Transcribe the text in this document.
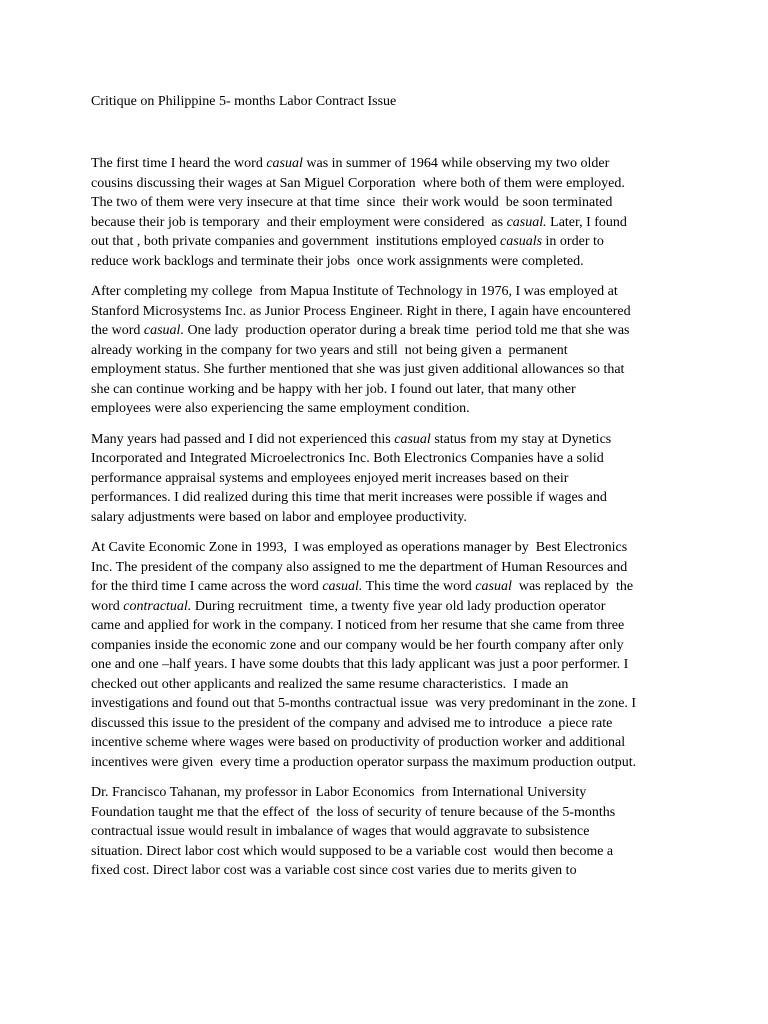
Critique on Philippine 5- months Labor Contract Issue

The first time I heard the word casual was in summer of 1964 while observing my two older
cousins discussing their wages at San Miguel Corporation  where both of them were employed.
The two of them were very insecure at that time  since  their work would  be soon terminated
because their job is temporary  and their employment were considered  as casual. Later, I found
out that , both private companies and government  institutions employed casuals in order to
reduce work backlogs and terminate their jobs  once work assignments were completed.

After completing my college  from Mapua Institute of Technology in 1976, I was employed at
Stanford Microsystems Inc. as Junior Process Engineer. Right in there, I again have encountered
the word casual. One lady  production operator during a break time  period told me that she was
already working in the company for two years and still  not being given a  permanent
employment status. She further mentioned that she was just given additional allowances so that
she can continue working and be happy with her job. I found out later, that many other
employees were also experiencing the same employment condition.

Many years had passed and I did not experienced this casual status from my stay at Dynetics
Incorporated and Integrated Microelectronics Inc. Both Electronics Companies have a solid
performance appraisal systems and employees enjoyed merit increases based on their
performances. I did realized during this time that merit increases were possible if wages and
salary adjustments were based on labor and employee productivity.

At Cavite Economic Zone in 1993,  I was employed as operations manager by  Best Electronics
Inc. The president of the company also assigned to me the department of Human Resources and
for the third time I came across the word casual. This time the word casual  was replaced by  the
word contractual. During recruitment  time, a twenty five year old lady production operator
came and applied for work in the company. I noticed from her resume that she came from three
companies inside the economic zone and our company would be her fourth company after only
one and one –half years. I have some doubts that this lady applicant was just a poor performer. I
checked out other applicants and realized the same resume characteristics.  I made an
investigations and found out that 5-months contractual issue  was very predominant in the zone. I
discussed this issue to the president of the company and advised me to introduce  a piece rate
incentive scheme where wages were based on productivity of production worker and additional
incentives were given  every time a production operator surpass the maximum production output.

Dr. Francisco Tahanan, my professor in Labor Economics  from International University
Foundation taught me that the effect of  the loss of security of tenure because of the 5-months
contractual issue would result in imbalance of wages that would aggravate to subsistence
situation. Direct labor cost which would supposed to be a variable cost  would then become a
fixed cost. Direct labor cost was a variable cost since cost varies due to merits given to
